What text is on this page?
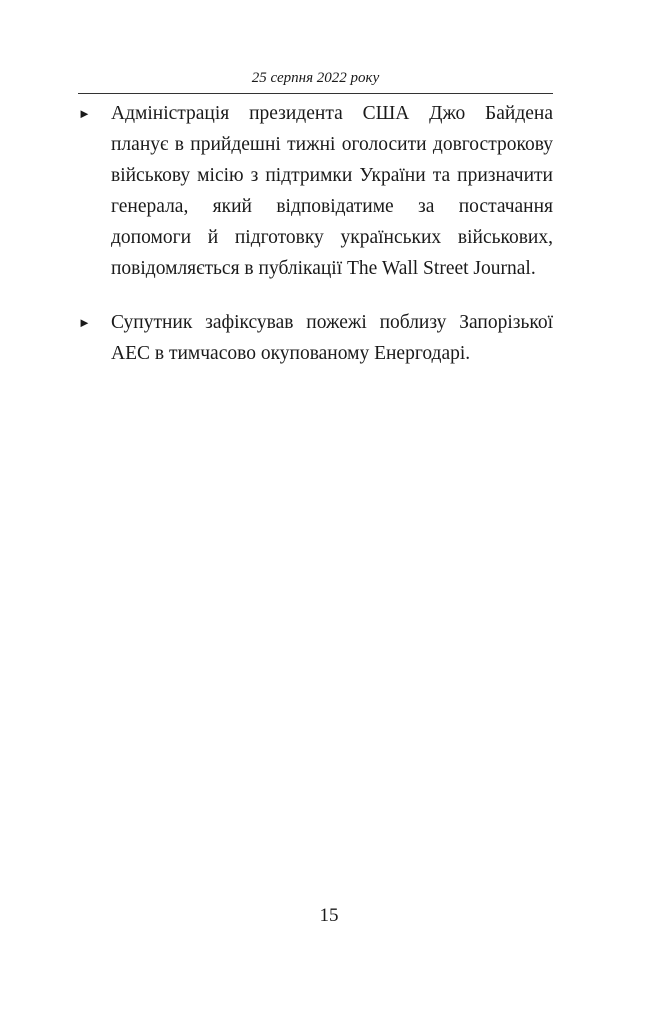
25 серпня 2022 року
► Адміністрація президента США Джо Байдена планує в прийдешні тижні оголосити довгострокову військову місію з підтримки України та призначити генерала, який відповідатиме за постачання допомоги й підготовку українських військових, повідомляється в публікації The Wall Street Journal.

► Супутник зафіксував пожежі поблизу Запорізької АЕС в тимчасово окупованому Енергодарі.

15
